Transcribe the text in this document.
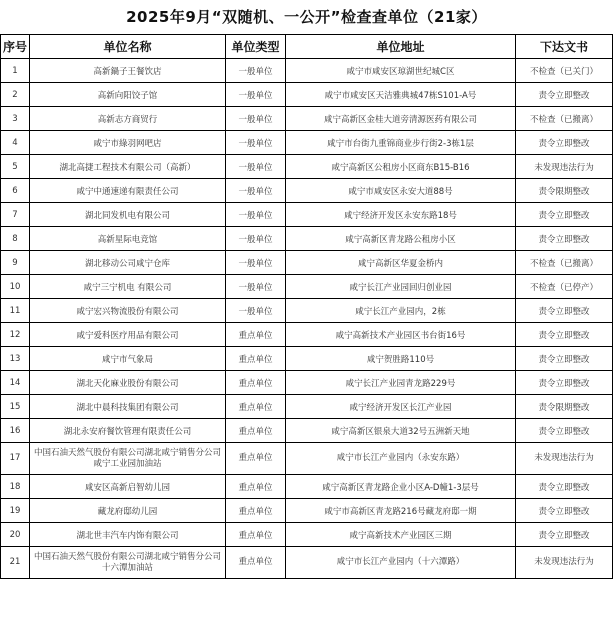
2025年9月“双随机、一公开”检查查单位（21家）
序号	单位名称	单位类型	单位地址	下达文书
1	高新鍋子王餐饮店	一般单位	咸宁市咸安区琼湖世纪城C区	不检查（已关门）
2	高新向阳饺子馆	一般单位	咸宁市咸安区天洁雅典城47栋S101-A号	责令立即整改
3	高新志方商贸行	一般单位	咸宁高新区金桂大道旁清源医药有限公司	不检查（已搬离）
4	咸宁市綠羽网吧店	一般单位	咸宁市台街九重锦商业步行街2-3栋1层	责令立即整改
5	湖北高捷工程技术有限公司（高新）	一般单位	咸宁高新区公租房小区商东B15-B16	未发现违法行为
6	咸宁中通速递有限责任公司	一般单位	咸宁市咸安区永安大道88号	责令限期整改
7	湖北同发机电有限公司	一般单位	咸宁经济开发区永安东路18号	责令立即整改
8	高新星际电竞馆	一般单位	咸宁高新区青龙路公租房小区	责令立即整改
9	湖北移动公司咸宁仓库	一般单位	咸宁高新区华夏金桥内	不检查（已搬离）
10	咸宁三宁机电 有限公司	一般单位	咸宁长江产业园回归创业园	不检查（已停产）
11	咸宁宏兴物流股份有限公司	一般单位	咸宁长江产业园内，2栋	责令立即整改
12	咸宁爱科医疗用品有限公司	重点单位	咸宁高新技术产业园区书台街16号	责令立即整改
13	咸宁市气象局	重点单位	咸宁贺胜路110号	责令立即整改
14	湖北天化麻业股份有限公司	重点单位	咸宁长江产业园青龙路229号	责令立即整改
15	湖北中晨科技集团有限公司	重点单位	咸宁经济开发区长江产业园	责令限期整改
16	湖北永安府餐饮管理有限责任公司	重点单位	咸宁高新区银泉大道32号五洲新天地	责令立即整改
17	中国石油天然气股份有限公司湖北咸宁销售分公司咸宁工业园加油站	重点单位	咸宁市长江产业园内（永安东路）	未发现违法行为
18	咸安区高新启智幼儿园	重点单位	咸宁高新区青龙路企业小区A-D幢1-3层号	责令立即整改
19	藏龙府邸幼儿园	重点单位	咸宁市高新区青龙路216号藏龙府邸一期	责令立即整改
20	湖北世丰汽车内饰有限公司	重点单位	咸宁高新技术产业园区三期	责令立即整改
21	中国石油天然气股份有限公司湖北咸宁销售分公司十六潭加油站	重点单位	咸宁市长江产业园内（十六潭路）	未发现违法行为
